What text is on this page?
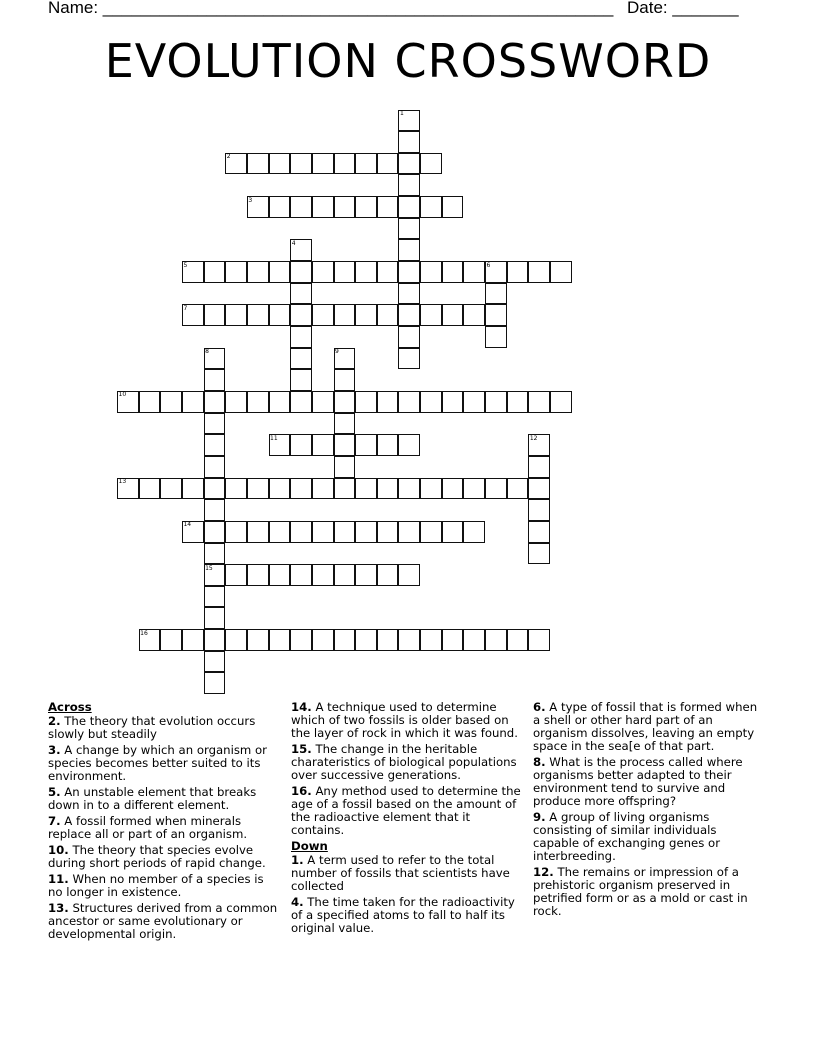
Name: ______________________________________________________ Date: _______
EVOLUTION CROSSWORD
1
2
3
4
5	6
7
8	9
10
11	12
13
14
15
16
Across
2. The theory that evolution occurs slowly but steadily
3. A change by which an organism or species becomes better suited to its environment.
5. An unstable element that breaks down in to a different element.
7. A fossil formed when minerals replace all or part of an organism.
10. The theory that species evolve during short periods of rapid change.
11. When no member of a species is no longer in existence.
13. Structures derived from a common ancestor or same evolutionary or developmental origin.
14. A technique used to determine which of two fossils is older based on the layer of rock in which it was found.
15. The change in the heritable charateristics of biological populations over successive generations.
16. Any method used to determine the age of a fossil based on the amount of the radioactive element that it contains.
Down
1. A term used to refer to the total number of fossils that scientists have collected
4. The time taken for the radioactivity of a specified atoms to fall to half its original value.
6. A type of fossil that is formed when a shell or other hard part of an organism dissolves, leaving an empty space in the sea[e of that part.
8. What is the process called where organisms better adapted to their environment tend to survive and produce more offspring?
9. A group of living organisms consisting of similar individuals capable of exchanging genes or interbreeding.
12. The remains or impression of a prehistoric organism preserved in petrified form or as a mold or cast in rock.
